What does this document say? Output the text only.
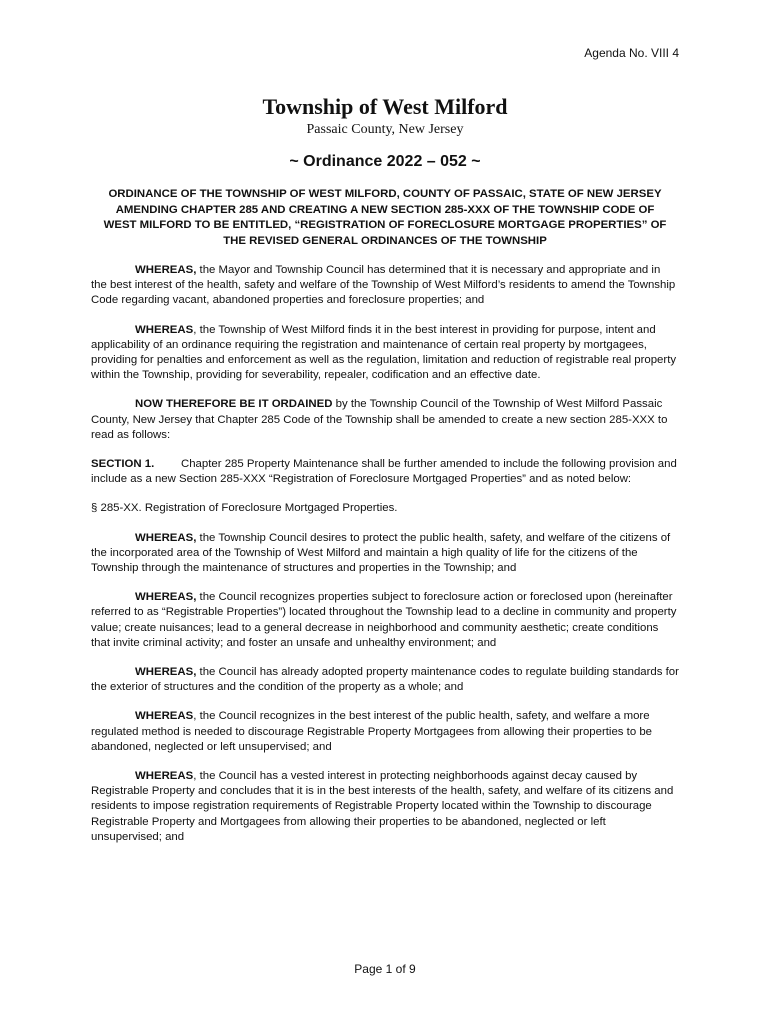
Agenda No. VIII 4
Township of West Milford
Passaic County, New Jersey
~ Ordinance 2022 – 052 ~
ORDINANCE OF THE TOWNSHIP OF WEST MILFORD, COUNTY OF PASSAIC, STATE OF NEW JERSEY AMENDING CHAPTER 285 AND CREATING A NEW SECTION 285-XXX OF THE TOWNSHIP CODE OF WEST MILFORD TO BE ENTITLED, “REGISTRATION OF FORECLOSURE MORTGAGE PROPERTIES” OF THE REVISED GENERAL ORDINANCES OF THE TOWNSHIP

WHEREAS, the Mayor and Township Council has determined that it is necessary and appropriate and in the best interest of the health, safety and welfare of the Township of West Milford’s residents to amend the Township Code regarding vacant, abandoned properties and foreclosure properties; and

WHEREAS, the Township of West Milford finds it in the best interest in providing for purpose, intent and applicability of an ordinance requiring the registration and maintenance of certain real property by mortgagees, providing for penalties and enforcement as well as the regulation, limitation and reduction of registrable real property within the Township, providing for severability, repealer, codification and an effective date.

NOW THEREFORE BE IT ORDAINED by the Township Council of the Township of West Milford Passaic County, New Jersey that Chapter 285 Code of the Township shall be amended to create a new section 285-XXX to read as follows:

SECTION 1. Chapter 285 Property Maintenance shall be further amended to include the following provision and include as a new Section 285-XXX “Registration of Foreclosure Mortgaged Properties” and as noted below:

§ 285-XX. Registration of Foreclosure Mortgaged Properties.

WHEREAS, the Township Council desires to protect the public health, safety, and welfare of the citizens of the incorporated area of the Township of West Milford and maintain a high quality of life for the citizens of the Township through the maintenance of structures and properties in the Township; and

WHEREAS, the Council recognizes properties subject to foreclosure action or foreclosed upon (hereinafter referred to as “Registrable Properties”) located throughout the Township lead to a decline in community and property value; create nuisances; lead to a general decrease in neighborhood and community aesthetic; create conditions that invite criminal activity; and foster an unsafe and unhealthy environment; and

WHEREAS, the Council has already adopted property maintenance codes to regulate building standards for the exterior of structures and the condition of the property as a whole; and

WHEREAS, the Council recognizes in the best interest of the public health, safety, and welfare a more regulated method is needed to discourage Registrable Property Mortgagees from allowing their properties to be abandoned, neglected or left unsupervised; and

WHEREAS, the Council has a vested interest in protecting neighborhoods against decay caused by Registrable Property and concludes that it is in the best interests of the health, safety, and welfare of its citizens and residents to impose registration requirements of Registrable Property located within the Township to discourage Registrable Property and Mortgagees from allowing their properties to be abandoned, neglected or left unsupervised; and

Page 1 of 9
